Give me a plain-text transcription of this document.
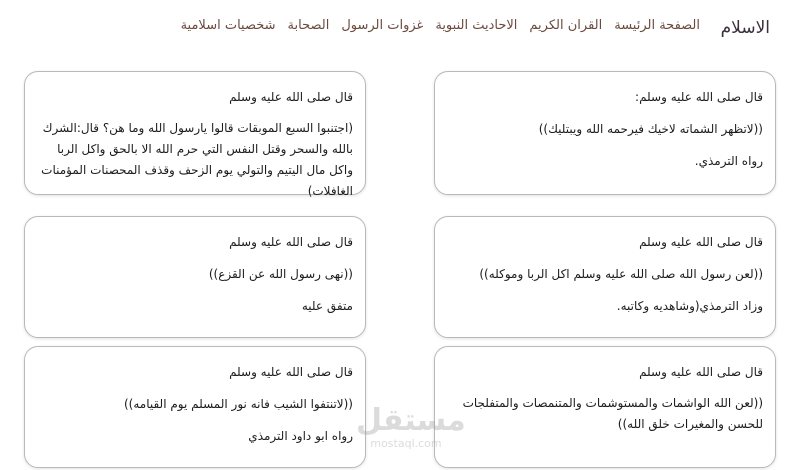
الاسلام
الصفحة الرئيسة
القران الكريم
الاحاديث النبوية
غزوات الرسول
الصحابة
شخصيات اسلامية

قال صلى الله عليه وسلم:

((لاتظهر الشماته لاخيك فيرحمه الله ويبتليك))

رواه الترمذي.

قال صلى الله عليه وسلم

(اجتنبوا السبع الموبقات قالوا يارسول الله وما هن؟ قال:الشرك بالله والسحر وقتل النفس التي حرم الله الا بالحق واكل الربا واكل مال اليتيم والتولي يوم الزحف وقذف المحصنات المؤمنات الغافلات)

قال صلى الله عليه وسلم

((لعن رسول الله صلى الله عليه وسلم اكل الربا وموكله))

وزاد الترمذي(وشاهديه وكاتبه.

قال صلى الله عليه وسلم

((نهى رسول الله عن القزع))

متفق عليه

قال صلى الله عليه وسلم

((لعن الله الواشمات والمستوشمات والمتنمصات والمتفلجات للحسن والمغيرات خلق الله))

قال صلى الله عليه وسلم

((لاتنتفوا الشيب فانه نور المسلم يوم القيامه))

رواه ابو داود الترمذي مستقل
mostaql.com
